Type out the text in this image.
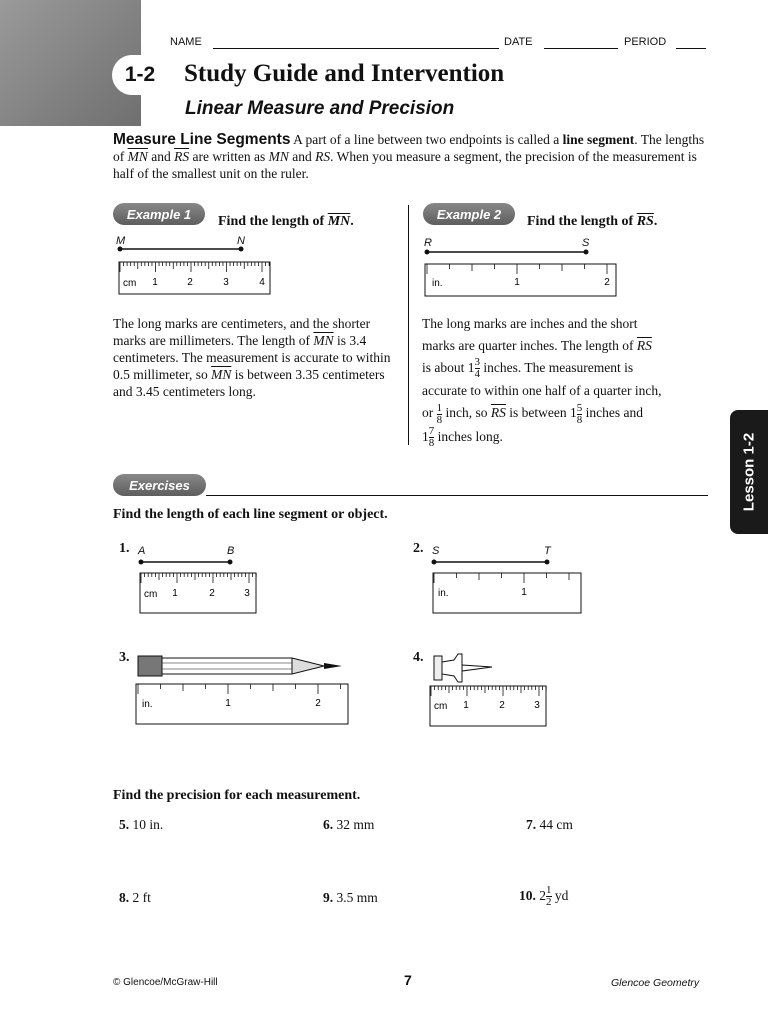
1-2	Study Guide and Intervention
Linear Measure and Precision
NAME	DATE	PERIOD
Measure Line Segments A part of a line between two endpoints is called a line segment. The lengths of $\overline{MN}$ and $\overline{RS}$ are written as MN and RS. When you measure a segment, the precision of the measurement is half of the smallest unit on the ruler.
Example 1	Find the length of $\overline{MN}$.
M	N
cm 1	2	3	4
The long marks are centimeters, and the shorter marks are millimeters. The length of $\overline{MN}$ is 3.4 centimeters. The measurement is accurate to within 0.5 millimeter, so $\overline{MN}$ is between 3.35 centimeters and 3.45 centimeters long.
Example 2	Find the length of $\overline{RS}$.
R	S
in.	1	2
The long marks are inches and the short
marks are quarter inches. The length of $\overline{RS}$
is about $1 \frac{3}{4}$ inches. The measurement is
accurate to within one half of a quarter inch,
or $\frac{1}{8}$ inch, so $\overline{RS}$ is between $1 \frac{5}{8}$ inches and
$1 \frac{7}{8}$ inches long.
Exercises
Find the length of each line segment or object.
1. A	B
cm 1	2	3
2. S	T
in.	1
3.
in.	1	2
4.
cm 1	2	3
Find the precision for each measurement.
5. 10 in.	6. 32 mm	7. 44 cm
8. 2 ft	9. 3.5 mm	10. $2 \frac{1}{2}$ yd
Lesson 1-2
© Glencoe/McGraw-Hill	7	Glencoe Geometry
